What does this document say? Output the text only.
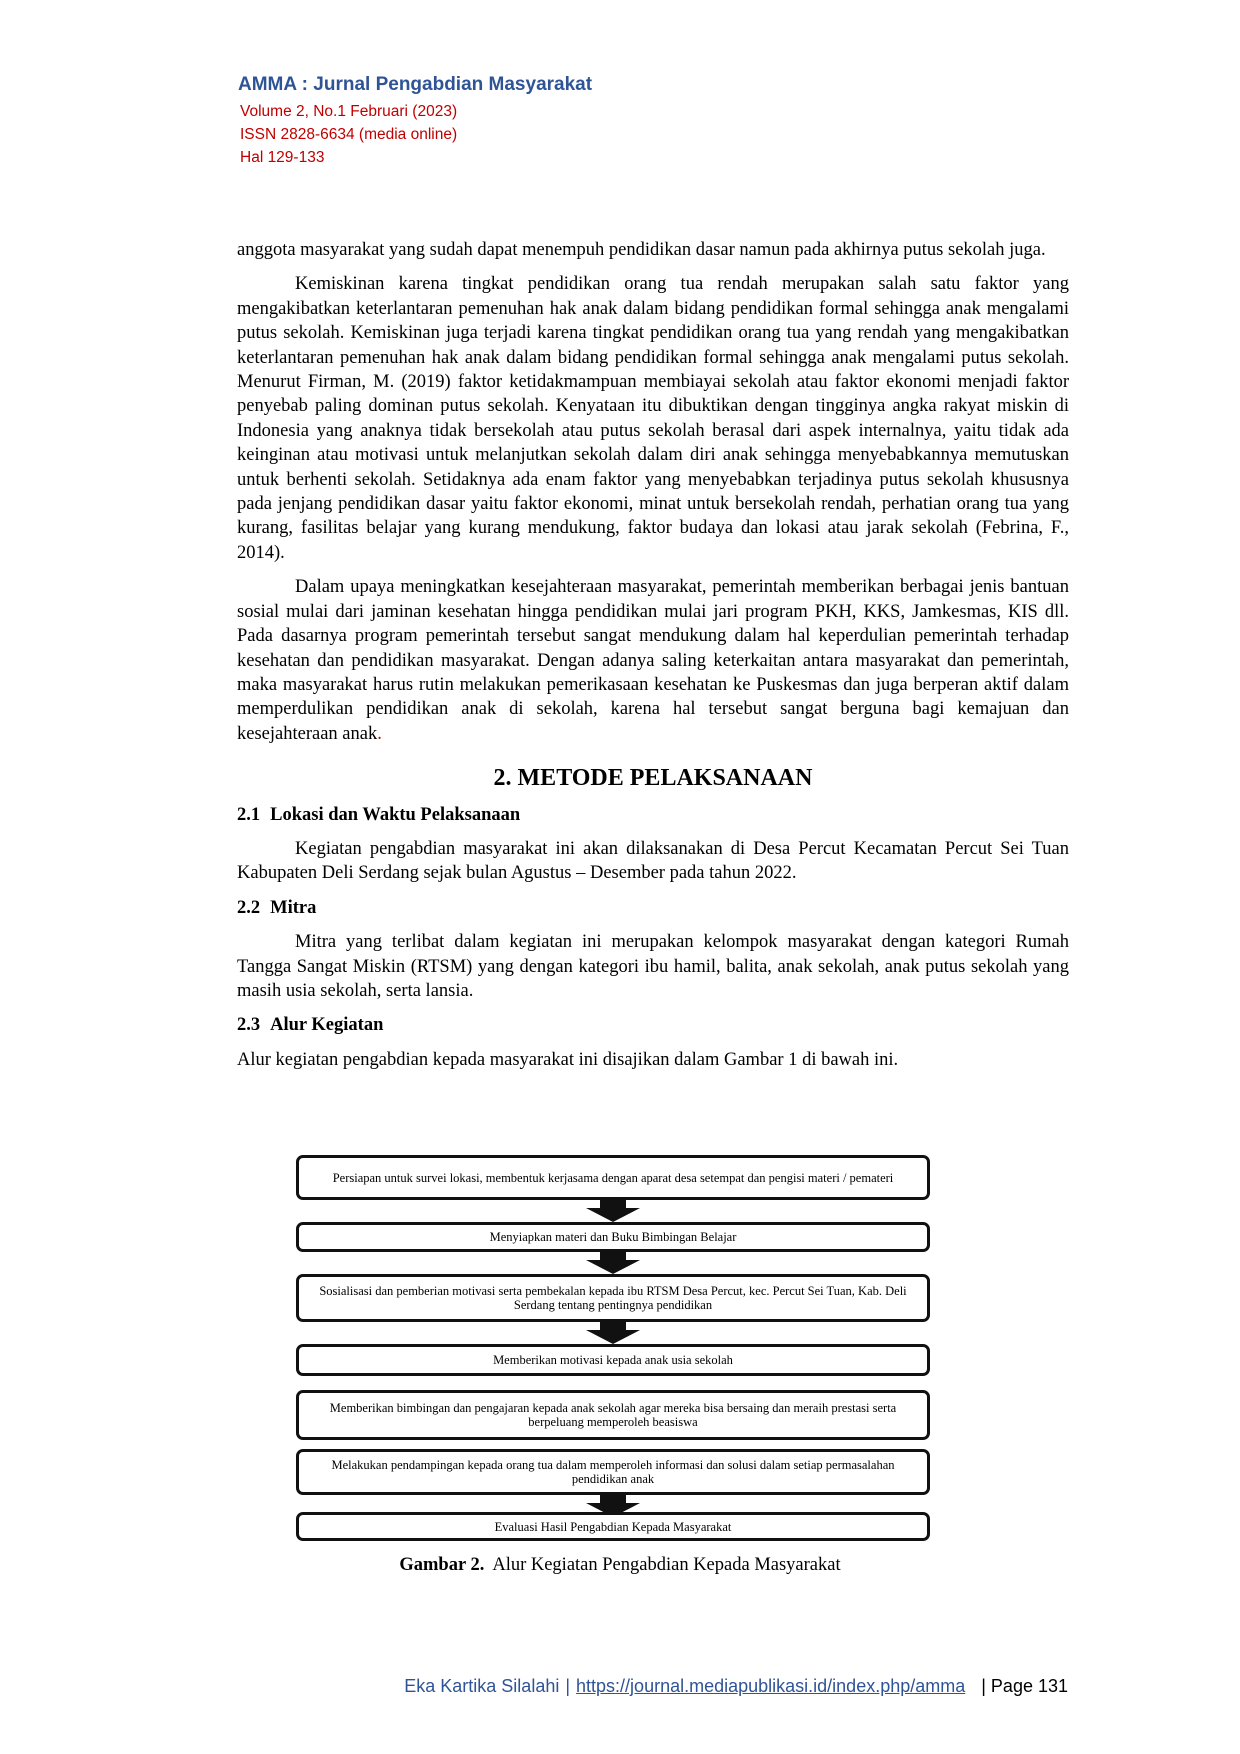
AMMA : Jurnal Pengabdian Masyarakat
Volume 2, No.1 Februari (2023)
ISSN 2828-6634 (media online)
Hal 129-133

anggota masyarakat yang sudah dapat menempuh pendidikan dasar namun pada akhirnya putus sekolah juga.

Kemiskinan karena tingkat pendidikan orang tua rendah merupakan salah satu faktor yang mengakibatkan keterlantaran pemenuhan hak anak dalam bidang pendidikan formal sehingga anak mengalami putus sekolah. Kemiskinan juga terjadi karena tingkat pendidikan orang tua yang rendah yang mengakibatkan keterlantaran pemenuhan hak anak dalam bidang pendidikan formal sehingga anak mengalami putus sekolah. Menurut Firman, M. (2019) faktor ketidakmampuan membiayai sekolah atau faktor ekonomi menjadi faktor penyebab paling dominan putus sekolah. Kenyataan itu dibuktikan dengan tingginya angka rakyat miskin di Indonesia yang anaknya tidak bersekolah atau putus sekolah berasal dari aspek internalnya, yaitu tidak ada keinginan atau motivasi untuk melanjutkan sekolah dalam diri anak sehingga menyebabkannya memutuskan untuk berhenti sekolah. Setidaknya ada enam faktor yang menyebabkan terjadinya putus sekolah khususnya pada jenjang pendidikan dasar yaitu faktor ekonomi, minat untuk bersekolah rendah, perhatian orang tua yang kurang, fasilitas belajar yang kurang mendukung, faktor budaya dan lokasi atau jarak sekolah (Febrina, F., 2014).

Dalam upaya meningkatkan kesejahteraan masyarakat, pemerintah memberikan berbagai jenis bantuan sosial mulai dari jaminan kesehatan hingga pendidikan mulai jari program PKH, KKS, Jamkesmas, KIS dll. Pada dasarnya program pemerintah tersebut sangat mendukung dalam hal keperdulian pemerintah terhadap kesehatan dan pendidikan masyarakat. Dengan adanya saling keterkaitan antara masyarakat dan pemerintah, maka masyarakat harus rutin melakukan pemerikasaan kesehatan ke Puskesmas dan juga berperan aktif dalam memperdulikan pendidikan anak di sekolah, karena hal tersebut sangat berguna bagi kemajuan dan kesejahteraan anak.

2. METODE PELAKSANAAN
2.1 Lokasi dan Waktu Pelaksanaan

Kegiatan pengabdian masyarakat ini akan dilaksanakan di Desa Percut Kecamatan Percut Sei Tuan Kabupaten Deli Serdang sejak bulan Agustus – Desember pada tahun 2022.

2.2 Mitra

Mitra yang terlibat dalam kegiatan ini merupakan kelompok masyarakat dengan kategori Rumah Tangga Sangat Miskin (RTSM) yang dengan kategori ibu hamil, balita, anak sekolah, anak putus sekolah yang masih usia sekolah, serta lansia.

2.3 Alur Kegiatan

Alur kegiatan pengabdian kepada masyarakat ini disajikan dalam Gambar 1 di bawah ini.

Persiapan untuk survei lokasi, membentuk kerjasama dengan aparat desa setempat dan pengisi materi / pemateri
Menyiapkan materi dan Buku Bimbingan Belajar
Sosialisasi dan pemberian motivasi serta pembekalan kepada ibu RTSM Desa Percut, kec. Percut Sei Tuan, Kab. Deli Serdang tentang pentingnya pendidikan
Memberikan motivasi kepada anak usia sekolah
Memberikan bimbingan dan pengajaran kepada anak sekolah agar mereka bisa bersaing dan meraih prestasi serta berpeluang memperoleh beasiswa
Melakukan pendampingan kepada orang tua dalam memperoleh informasi dan solusi dalam setiap permasalahan pendidikan anak
Evaluasi Hasil Pengabdian Kepada Masyarakat
Gambar 2. Alur Kegiatan Pengabdian Kepada Masyarakat
Eka Kartika Silalahi | https://journal.mediapublikasi.id/index.php/amma | Page 131
